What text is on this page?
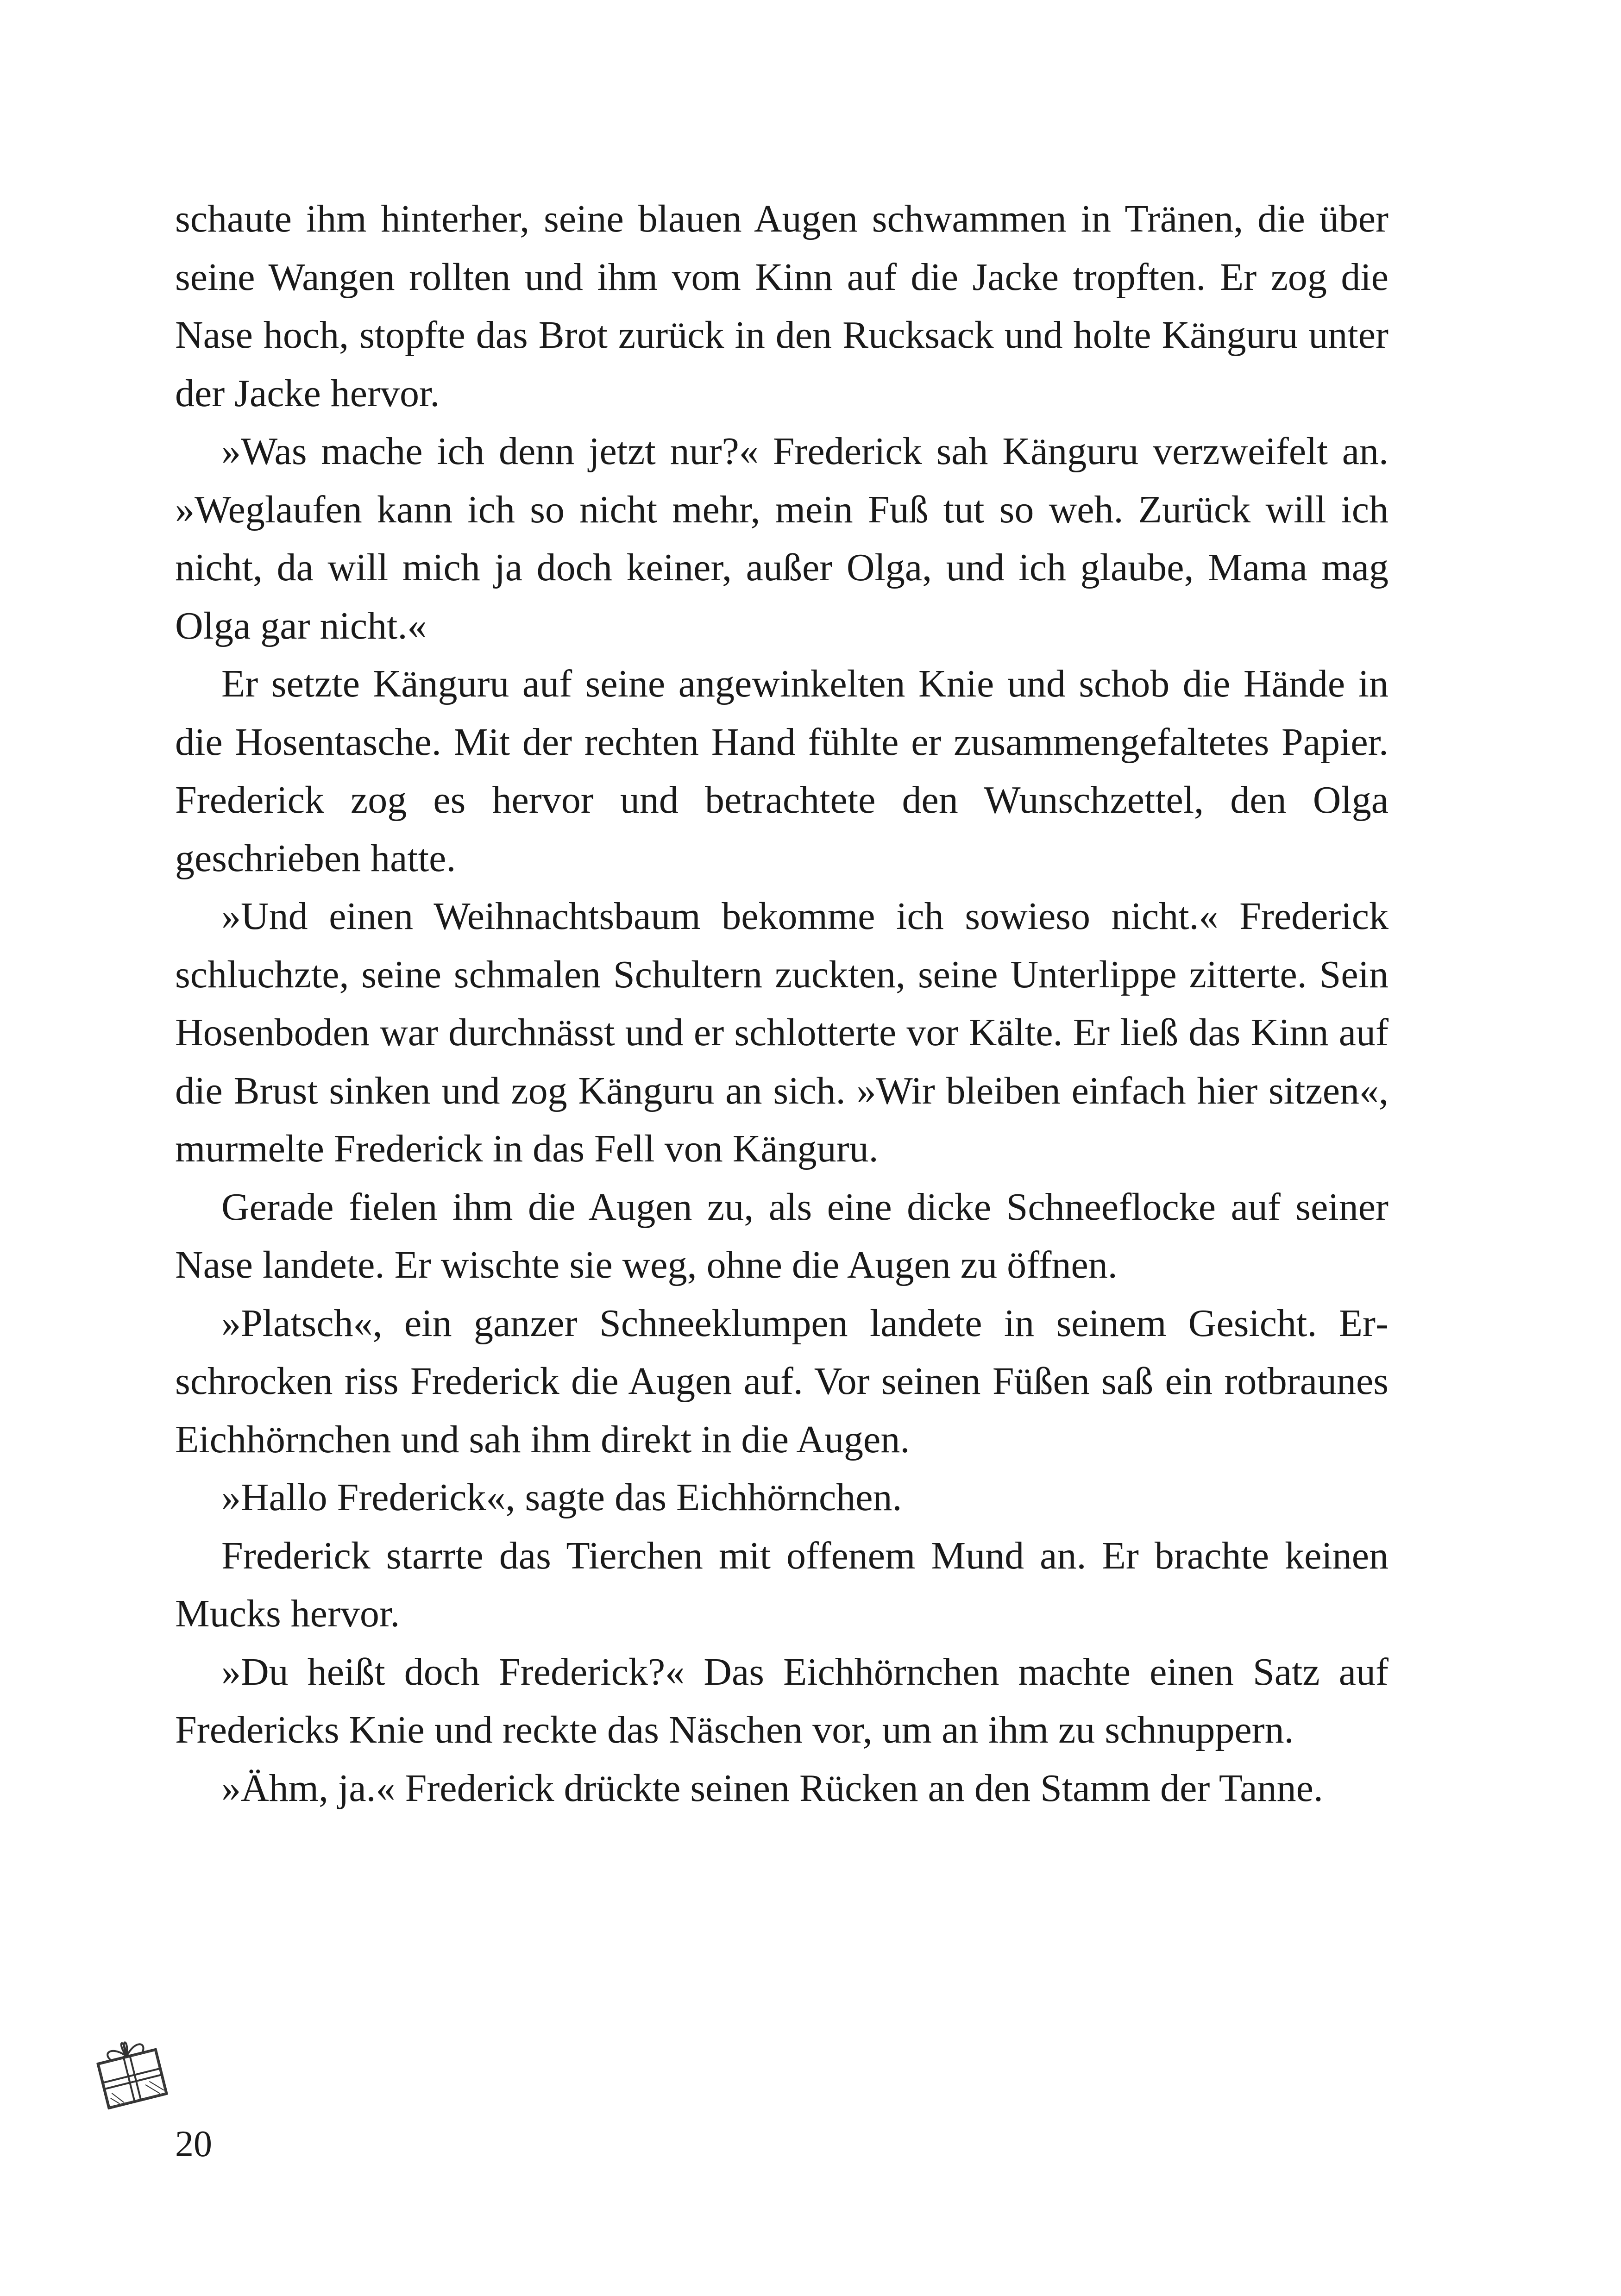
schaute ihm hinterher, seine blauen Augen schwammen in Tränen, die über seine Wangen rollten und ihm vom Kinn auf die Jacke tropften. Er zog die Nase hoch, stopfte das Brot zurück in den Rucksack und holte Känguru unter der Jacke hervor.

»Was mache ich denn jetzt nur?« Frederick sah Känguru verzweifelt an. »Weglaufen kann ich so nicht mehr, mein Fuß tut so weh. Zurück will ich nicht, da will mich ja doch keiner, außer Olga, und ich glaube, Mama mag Olga gar nicht.«

Er setzte Känguru auf seine angewinkelten Knie und schob die Hände in die Hosentasche. Mit der rechten Hand fühlte er zusammengefaltetes Papier. Frederick zog es hervor und betrachtete den Wunschzettel, den Olga geschrieben hatte.

»Und einen Weihnachtsbaum bekomme ich sowieso nicht.« Frederick schluchzte, seine schmalen Schultern zuckten, seine Unterlippe zitterte. Sein Hosenboden war durchnässt und er schlotterte vor Kälte. Er ließ das Kinn auf die Brust sinken und zog Känguru an sich. »Wir bleiben einfach hier sitzen«, murmelte Frederick in das Fell von Känguru.

Gerade fielen ihm die Augen zu, als eine dicke Schneeflocke auf seiner Nase landete. Er wischte sie weg, ohne die Augen zu öffnen.

»Platsch«, ein ganzer Schneeklumpen landete in seinem Gesicht. Erschrocken riss Frederick die Augen auf. Vor seinen Füßen saß ein rotbraunes Eichhörnchen und sah ihm direkt in die Augen.

»Hallo Frederick«, sagte das Eichhörnchen.

Frederick starrte das Tierchen mit offenem Mund an. Er brachte keinen Mucks hervor.

»Du heißt doch Frederick?« Das Eichhörnchen machte einen Satz auf Fredericks Knie und reckte das Näschen vor, um an ihm zu schnuppern.

»Ähm, ja.« Frederick drückte seinen Rücken an den Stamm der Tanne.

20
